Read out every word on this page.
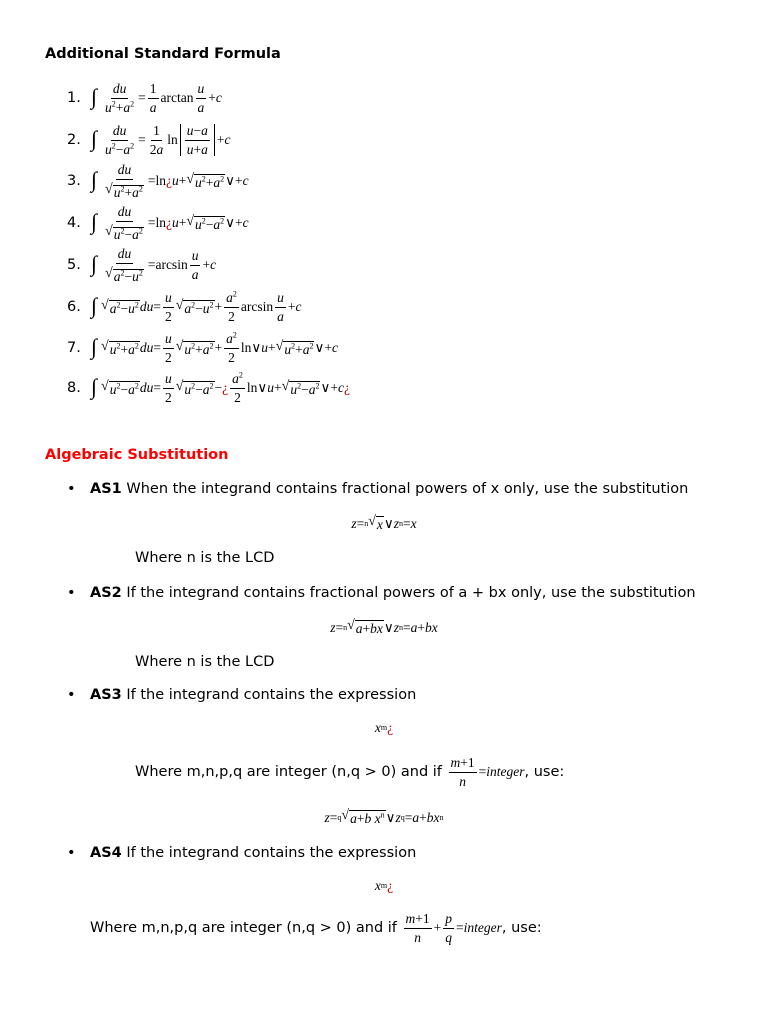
Additional Standard Formula
1. ∫ $\frac{du}{u^2+a^2} = \frac{1}{a}$ $\arctan \frac{u}{a} + c$
2. ∫ $\frac{du}{u^2-a^2} = \frac{1}{2a}$ $\ln \frac{u-a}{u+a} + c$
3. ∫ $\frac{du}{√ u^2+a^2} =\ln$ ¿ u + √ $u^2+a^2$ ∨+ c
4. ∫ $\frac{du}{√ u^2-a^2} =\ln$ ¿ u + √ $u^2-a^2$ ∨+ c
5. ∫ $\frac{du}{√ a^2-u^2} =\arcsin \frac{u}{a} + c$
6. ∫ √ $a^2-u^2$ du = $\frac{u}{2}$ √ $a^2-u^2 + \frac{a^2}{2}$ $\arcsin \frac{u}{a} + c$
7. ∫ √ $u^2+a^2$ du = $\frac{u}{2}$ √ $u^2+a^2 + \frac{a^2}{2}$ ln∨ u + √ $u^2+a^2$ ∨+ c
8. ∫ √ $u^2-a^2$ du = $\frac{u}{2}$ √ $u^2-a^2$ − ¿ $\frac{a^2}{2}$ ln∨ u + √ $u^2-a^2$ ∨+ c ¿
Algebraic Substitution
• AS1 When the integrand contains fractional powers of x only, use the substitution
z = n √ x ∨ z n = x
Where n is the LCD
• AS2 If the integrand contains fractional powers of a + bx only, use the substitution
z = n √ a+bx ∨ z n = a + bx
Where n is the LCD
• AS3 If the integrand contains the expression
x m ¿
Where m,n,p,q are integer (n,q > 0) and if
$\frac{m+1}{n}$ = integer , use:
z = q √ a+b $x^n$ ∨ z q = a + b x n
• AS4 If the integrand contains the expression
x m ¿
Where m,n,p,q are integer (n,q > 0) and if
$\frac{m+1}{n} + \frac{p}{q}$ = integer , use:
